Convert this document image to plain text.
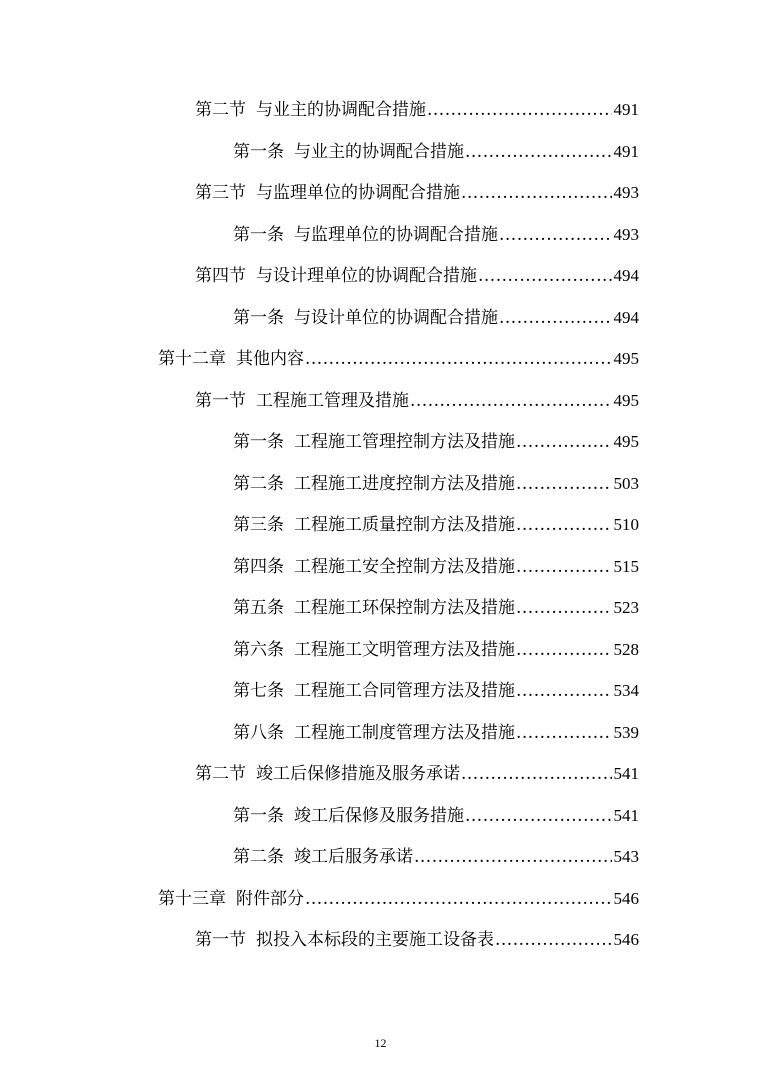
第二节 与业主的协调配合措施 .....	491
第一条 与业主的协调配合措施 .....	491
第三节 与监理单位的协调配合措施 .....	493
第一条 与监理单位的协调配合措施 .....	493
第四节 与设计理单位的协调配合措施 .....	494
第一条 与设计单位的协调配合措施 .....	494
第十二章 其他内容 .....	495
第一节 工程施工管理及措施 .....	495
第一条 工程施工管理控制方法及措施 .....	495
第二条 工程施工进度控制方法及措施 .....	503
第三条 工程施工质量控制方法及措施 .....	510
第四条 工程施工安全控制方法及措施 .....	515
第五条 工程施工环保控制方法及措施 .....	523
第六条 工程施工文明管理方法及措施 .....	528
第七条 工程施工合同管理方法及措施 .....	534
第八条 工程施工制度管理方法及措施 .....	539
第二节 竣工后保修措施及服务承诺 .....	541
第一条 竣工后保修及服务措施 .....	541
第二条 竣工后服务承诺 .....	543
第十三章 附件部分 .....	546
第一节 拟投入本标段的主要施工设备表 .....	546
12
